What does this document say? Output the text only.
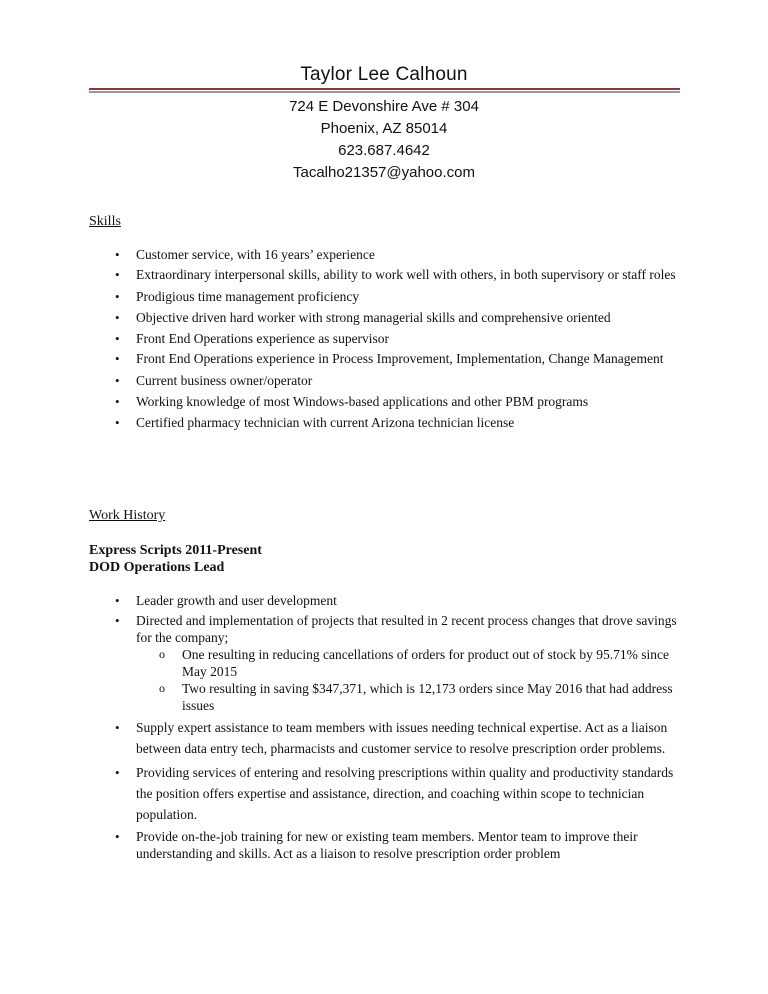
Taylor Lee Calhoun
724 E Devonshire Ave # 304
Phoenix, AZ 85014
623.687.4642
Tacalho21357@yahoo.com
Skills
• Customer service, with 16 years’ experience
• Extraordinary interpersonal skills, ability to work well with others, in both supervisory or staff roles
• Prodigious time management proficiency
• Objective driven hard worker with strong managerial skills and comprehensive oriented
• Front End Operations experience as supervisor
• Front End Operations experience in Process Improvement, Implementation, Change Management
• Current business owner/operator
• Working knowledge of most Windows-based applications and other PBM programs
• Certified pharmacy technician with current Arizona technician license
Work History
Express Scripts 2011-Present
DOD Operations Lead
• Leader growth and user development
• Directed and implementation of projects that resulted in 2 recent process changes that drove savings for the company;
o One resulting in reducing cancellations of orders for product out of stock by 95.71% since May 2015
o Two resulting in saving $347,371, which is 12,173 orders since May 2016 that had address issues
• Supply expert assistance to team members with issues needing technical expertise. Act as a liaison between data entry tech, pharmacists and customer service to resolve prescription order problems.
• Providing services of entering and resolving prescriptions within quality and productivity standards the position offers expertise and assistance, direction, and coaching within scope to technician population.
• Provide on-the-job training for new or existing team members. Mentor team to improve their understanding and skills. Act as a liaison to resolve prescription order problem
